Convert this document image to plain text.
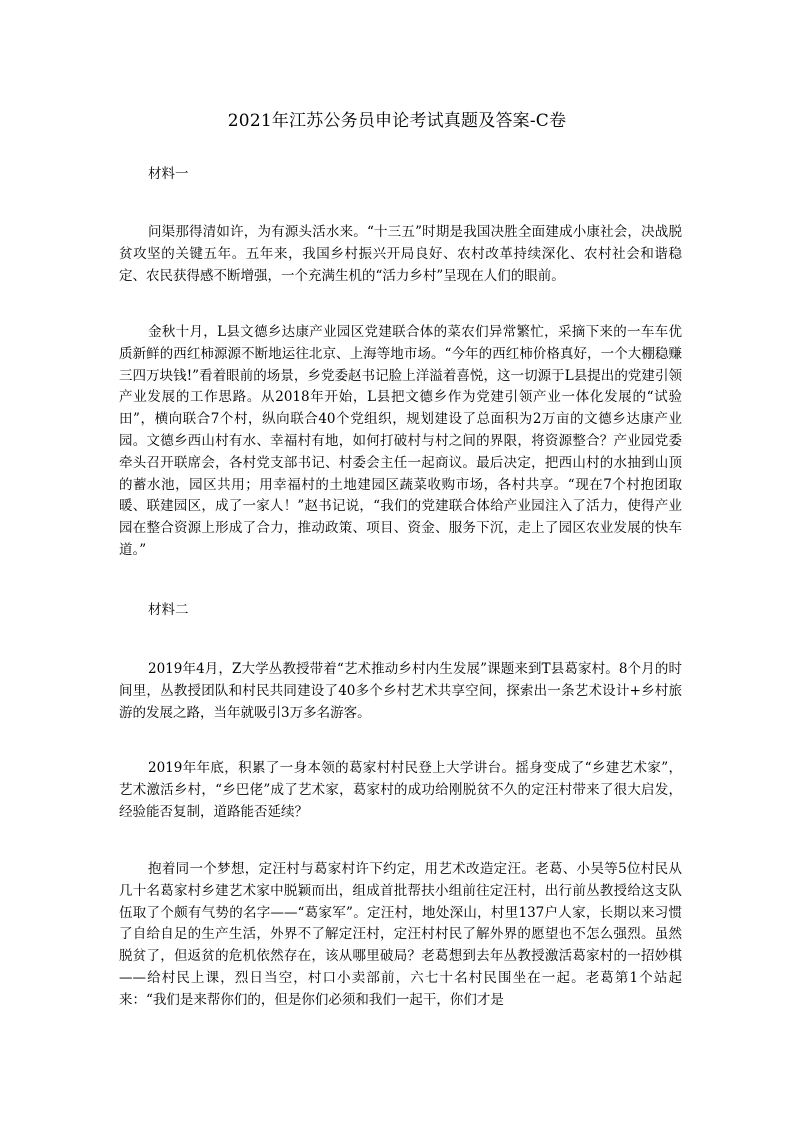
2021年江苏公务员申论考试真题及答案-C卷
材料一

问渠那得清如许，为有源头活水来。“十三五”时期是我国决胜全面建成小康社会，决战脱贫攻坚的关键五年。五年来，我国乡村振兴开局良好、农村改革持续深化、农村社会和谐稳定、农民获得感不断增强，一个充满生机的“活力乡村”呈现在人们的眼前。

金秋十月，L县文德乡达康产业园区党建联合体的菜农们异常繁忙，采摘下来的一车车优质新鲜的西红柿源源不断地运往北京、上海等地市场。“今年的西红柿价格真好，一个大棚稳赚三四万块钱!”看着眼前的场景，乡党委赵书记脸上洋溢着喜悦，这一切源于L县提出的党建引领产业发展的工作思路。从2018年开始，L县把文德乡作为党建引领产业一体化发展的“试验田”，横向联合7个村，纵向联合40个党组织，规划建设了总面积为2万亩的文德乡达康产业园。文德乡西山村有水、幸福村有地，如何打破村与村之间的界限，将资源整合？产业园党委牵头召开联席会，各村党支部书记、村委会主任一起商议。最后决定，把西山村的水抽到山顶的蓄水池，园区共用；用幸福村的土地建园区蔬菜收购市场，各村共享。“现在7个村抱团取暖、联建园区，成了一家人！”赵书记说，“我们的党建联合体给产业园注入了活力，使得产业园在整合资源上形成了合力，推动政策、项目、资金、服务下沉，走上了园区农业发展的快车道。”

材料二

2019年4月，Z大学丛教授带着“艺术推动乡村内生发展”课题来到T县葛家村。8个月的时间里，丛教授团队和村民共同建设了40多个乡村艺术共享空间，探索出一条艺术设计+乡村旅游的发展之路，当年就吸引3万多名游客。

2019年年底，积累了一身本领的葛家村村民登上大学讲台。摇身变成了“乡建艺术家”，艺术激活乡村，“乡巴佬”成了艺术家，葛家村的成功给刚脱贫不久的定汪村带来了很大启发，经验能否复制，道路能否延续？

抱着同一个梦想，定汪村与葛家村许下约定，用艺术改造定汪。老葛、小吴等5位村民从几十名葛家村乡建艺术家中脱颖而出，组成首批帮扶小组前往定汪村，出行前丛教授给这支队伍取了个颇有气势的名字——“葛家军”。定汪村，地处深山，村里137户人家，长期以来习惯了自给自足的生产生活，外界不了解定汪村，定汪村村民了解外界的愿望也不怎么强烈。虽然脱贫了，但返贫的危机依然存在，该从哪里破局？老葛想到去年丛教授激活葛家村的一招妙棋——给村民上课，烈日当空，村口小卖部前，六七十名村民围坐在一起。老葛第1个站起来：“我们是来帮你们的，但是你们必须和我们一起干，你们才是
